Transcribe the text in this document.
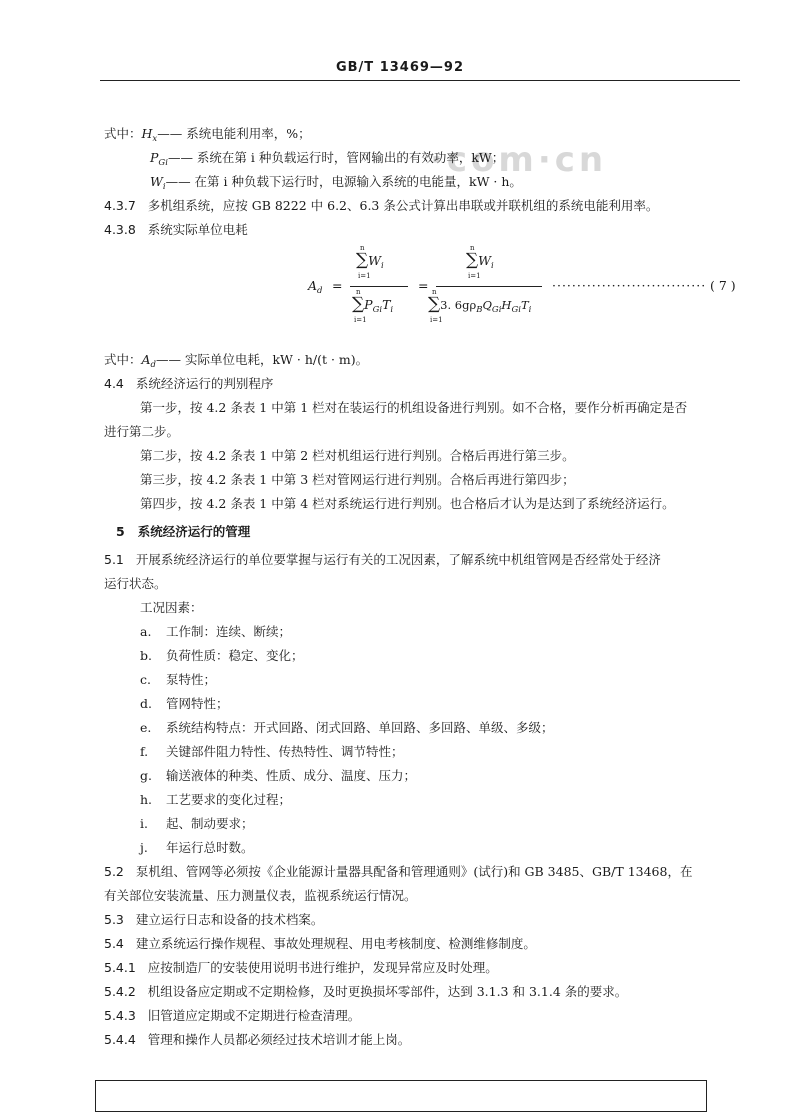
·com·cn
GB/T 13469—92
式中：$H_x——$ 系统电能利用率，%；
$P_{Gi}——$ 系统在第 i 种负载运行时，管网输出的有效功率，kW；
$W_i——$ 在第 i 种负载下运行时，电源输入系统的电能量，kW · h。
4.3.7 多机组系统，应按 GB 8222 中 6.2、6.3 条公式计算出串联或并联机组的系统电能利用率。
4.3.8 系统实际单位电耗
$A_d$ =
$\sum W_i$
n
i=1
$\sum P_{Gi}T_i$
n
i=1
=
$\sum W_i$
n
i=1
∑3. $6g\rho_BQ_{Gi}H_{Gi}T_i$
n
i=1
······························· ( 7 )
式中：$A_d——$ 实际单位电耗，kW · h/(t · m)。
4.4 系统经济运行的判别程序
第一步，按 4.2 条表 1 中第 1 栏对在装运行的机组设备进行判别。如不合格，要作分析再确定是否
进行第二步。
第二步，按 4.2 条表 1 中第 2 栏对机组运行进行判别。合格后再进行第三步。
第三步，按 4.2 条表 1 中第 3 栏对管网运行进行判别。合格后再进行第四步；
第四步，按 4.2 条表 1 中第 4 栏对系统运行进行判别。也合格后才认为是达到了系统经济运行。
5 系统经济运行的管理
5.1 开展系统经济运行的单位要掌握与运行有关的工况因素，了解系统中机组管网是否经常处于经济
运行状态。
工况因素：
a. 工作制：连续、断续；
b. 负荷性质：稳定、变化；
c. 泵特性；
d. 管网特性；
e. 系统结构特点：开式回路、闭式回路、单回路、多回路、单级、多级；
f. 关键部件阻力特性、传热特性、调节特性；
g. 输送液体的种类、性质、成分、温度、压力；
h. 工艺要求的变化过程；
i. 起、制动要求；
j. 年运行总时数。
5.2 泵机组、管网等必须按《企业能源计量器具配备和管理通则》(试行)和 GB 3485、GB/T 13468，在
有关部位安装流量、压力测量仪表，监视系统运行情况。
5.3 建立运行日志和设备的技术档案。
5.4 建立系统运行操作规程、事故处理规程、用电考核制度、检测维修制度。
5.4.1 应按制造厂的安装使用说明书进行维护，发现异常应及时处理。
5.4.2 机组设备应定期或不定期检修，及时更换损坏零部件，达到 3.1.3 和 3.1.4 条的要求。
5.4.3 旧管道应定期或不定期进行检查清理。
5.4.4 管理和操作人员都必须经过技术培训才能上岗。
